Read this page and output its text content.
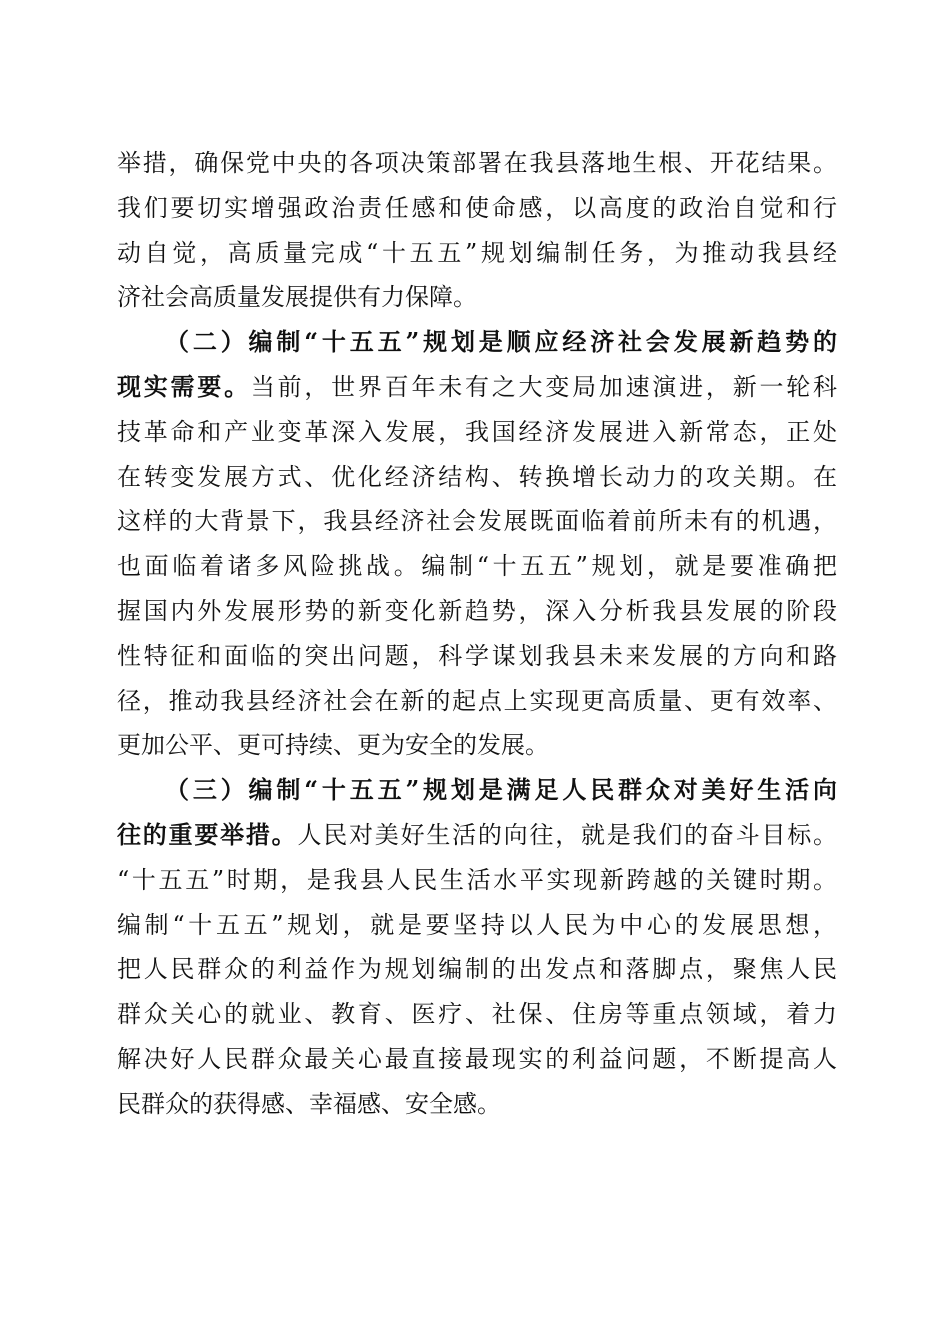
举措，确保党中央的各项决策部署在我县落地生根、开花结果。
我们要切实增强政治责任感和使命感，以高度的政治自觉和行
动自觉，高质量完成“十五五”规划编制任务，为推动我县经
济社会高质量发展提供有力保障。
（二）编制“十五五”规划是顺应经济社会发展新趋势的
现实需要。当前，世界百年未有之大变局加速演进，新一轮科
技革命和产业变革深入发展，我国经济发展进入新常态，正处
在转变发展方式、优化经济结构、转换增长动力的攻关期。在
这样的大背景下，我县经济社会发展既面临着前所未有的机遇，
也面临着诸多风险挑战。编制“十五五”规划，就是要准确把
握国内外发展形势的新变化新趋势，深入分析我县发展的阶段
性特征和面临的突出问题，科学谋划我县未来发展的方向和路
径，推动我县经济社会在新的起点上实现更高质量、更有效率、
更加公平、更可持续、更为安全的发展。
（三）编制“十五五”规划是满足人民群众对美好生活向
往的重要举措。人民对美好生活的向往，就是我们的奋斗目标。
“十五五”时期，是我县人民生活水平实现新跨越的关键时期。
编制“十五五”规划，就是要坚持以人民为中心的发展思想，
把人民群众的利益作为规划编制的出发点和落脚点，聚焦人民
群众关心的就业、教育、医疗、社保、住房等重点领域，着力
解决好人民群众最关心最直接最现实的利益问题，不断提高人
民群众的获得感、幸福感、安全感。
